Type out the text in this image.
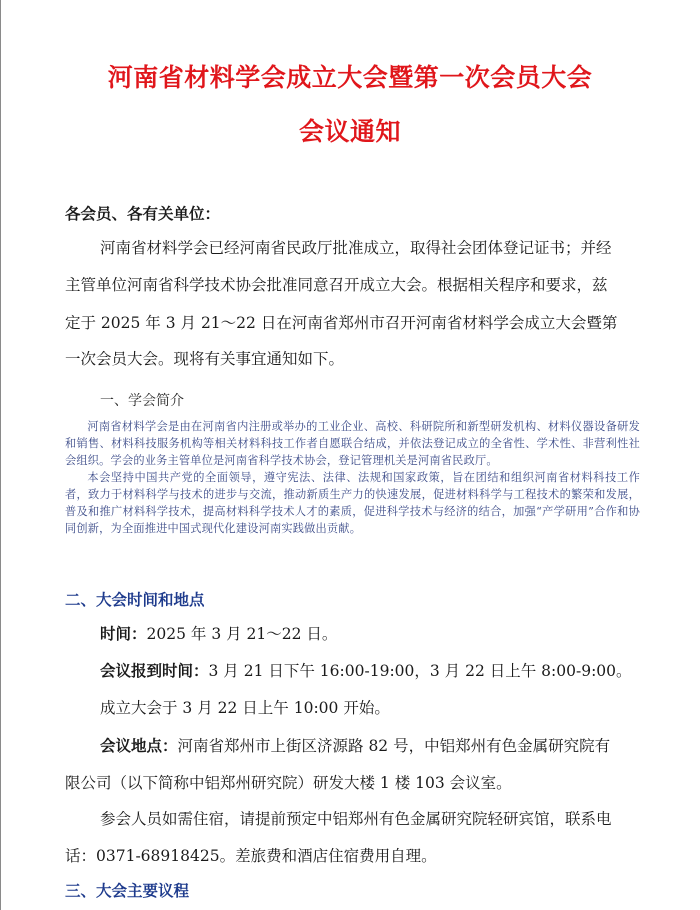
河南省材料学会成立大会暨第一次会员大会
会议通知
各会员、各有关单位：
河南省材料学会已经河南省民政厅批准成立，取得社会团体登记证书；并经
主管单位河南省科学技术协会批准同意召开成立大会。根据相关程序和要求，兹
定于 2025 年 3 月 21～22 日在河南省郑州市召开河南省材料学会成立大会暨第
一次会员大会。现将有关事宜通知如下。
一、学会简介

河南省材料学会是由在河南省内注册或举办的工业企业、高校、科研院所和新型研发机构、材料仪器设备研发和销售、材料科技服务机构等相关材料科技工作者自愿联合结成，并依法登记成立的全省性、学术性、非营利性社会组织。学会的业务主管单位是河南省科学技术协会，登记管理机关是河南省民政厅。

本会坚持中国共产党的全面领导，遵守宪法、法律、法规和国家政策，旨在团结和组织河南省材料科技工作者，致力于材料科学与技术的进步与交流，推动新质生产力的快速发展，促进材料科学与工程技术的繁荣和发展，普及和推广材料科学技术，提高材料科学技术人才的素质，促进科学技术与经济的结合，加强“产学研用”合作和协同创新，为全面推进中国式现代化建设河南实践做出贡献。

二、大会时间和地点
时间：2025 年 3 月 21～22 日。
会议报到时间：3 月 21 日下午 16:00-19:00，3 月 22 日上午 8:00-9:00。
成立大会于 3 月 22 日上午 10:00 开始。
会议地点：河南省郑州市上街区济源路 82 号，中铝郑州有色金属研究院有
限公司（以下简称中铝郑州研究院）研发大楼 1 楼 103 会议室。
参会人员如需住宿，请提前预定中铝郑州有色金属研究院轻研宾馆，联系电
话：0371-68918425。差旅费和酒店住宿费用自理。
三、大会主要议程
